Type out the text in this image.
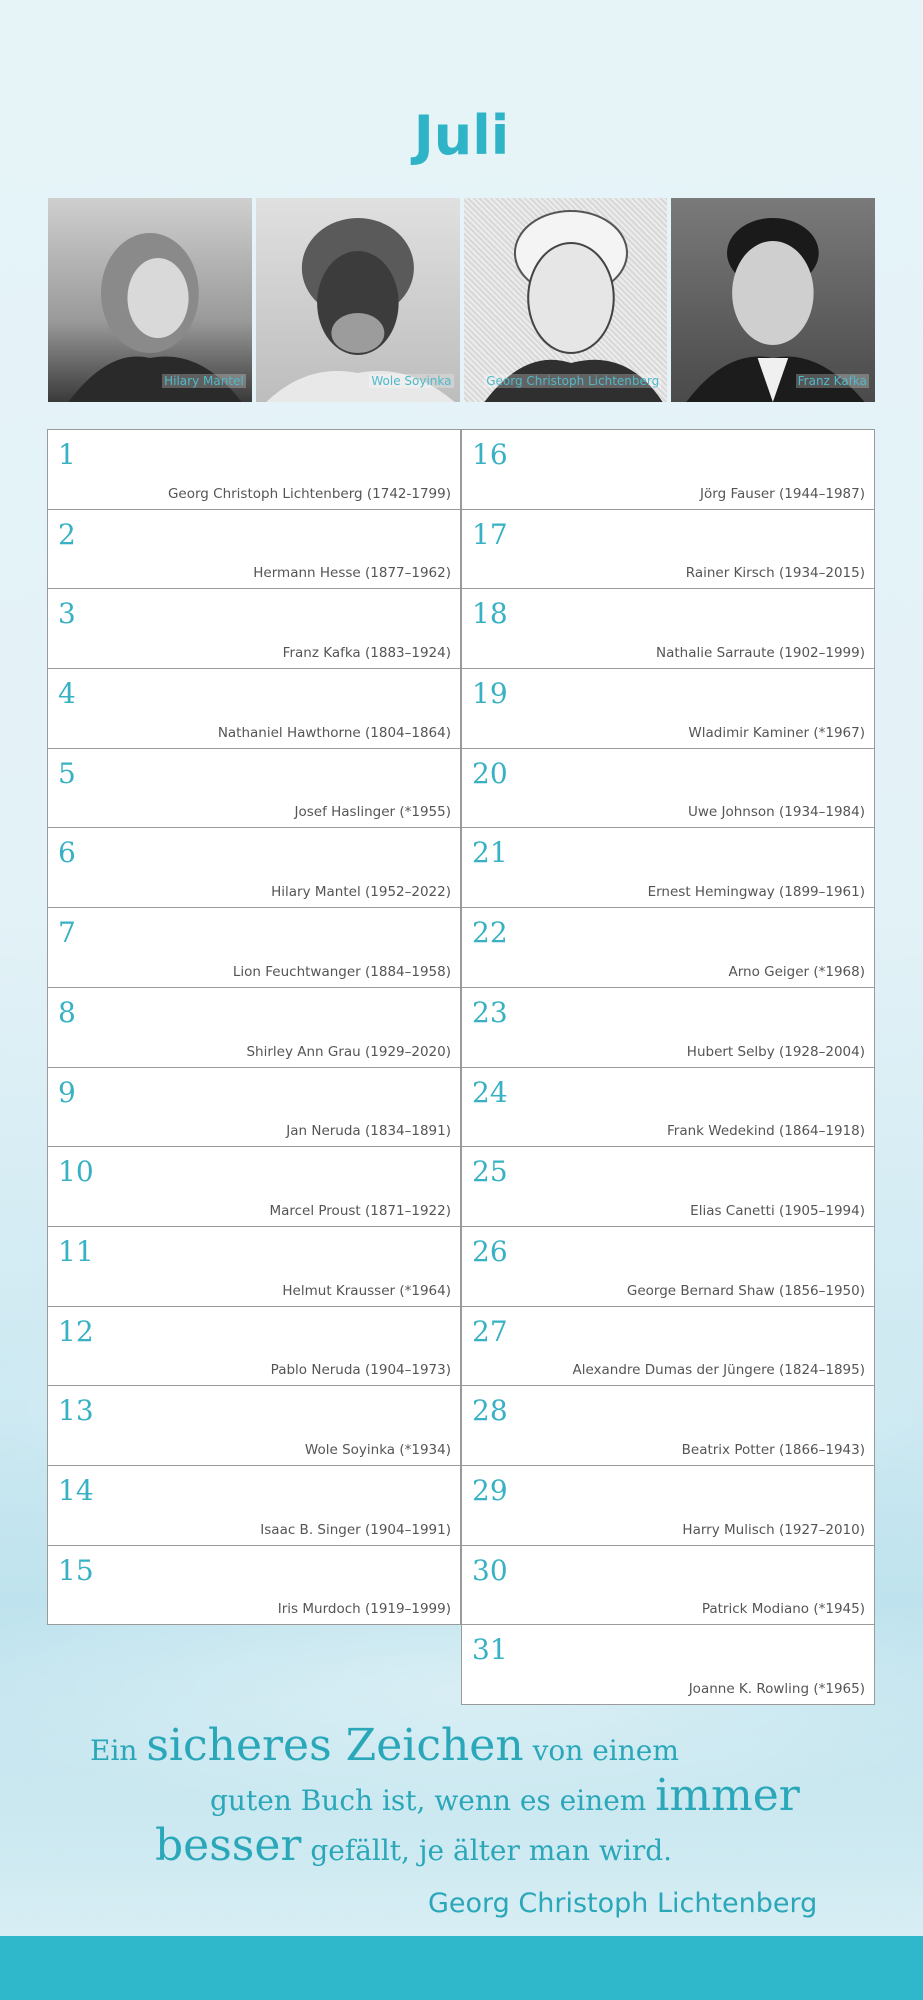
Juli
Hilary Mantel	Wole Soyinka	Georg Christoph Lichtenberg	Franz Kafka
1
Georg Christoph Lichtenberg (1742-1799)
2
Hermann Hesse (1877–1962)
3
Franz Kafka (1883–1924)
4
Nathaniel Hawthorne (1804–1864)
5
Josef Haslinger (*1955)
6
Hilary Mantel (1952–2022)
7
Lion Feuchtwanger (1884–1958)
8
Shirley Ann Grau (1929–2020)
9
Jan Neruda (1834–1891)
10
Marcel Proust (1871–1922)
11
Helmut Krausser (*1964)
12
Pablo Neruda (1904–1973)
13
Wole Soyinka (*1934)
14
Isaac B. Singer (1904–1991)
15
Iris Murdoch (1919–1999)
16
Jörg Fauser (1944–1987)
17
Rainer Kirsch (1934–2015)
18
Nathalie Sarraute (1902–1999)
19
Wladimir Kaminer (*1967)
20
Uwe Johnson (1934–1984)
21
Ernest Hemingway (1899–1961)
22
Arno Geiger (*1968)
23
Hubert Selby (1928–2004)
24
Frank Wedekind (1864–1918)
25
Elias Canetti (1905–1994)
26
George Bernard Shaw (1856–1950)
27
Alexandre Dumas der Jüngere (1824–1895)
28
Beatrix Potter (1866–1943)
29
Harry Mulisch (1927–2010)
30
Patrick Modiano (*1945)
31
Joanne K. Rowling (*1965)
Ein sicheres Zeichen von einem
guten Buch ist, wenn es einem immer
besser gefällt, je älter man wird.
Georg Christoph Lichtenberg
